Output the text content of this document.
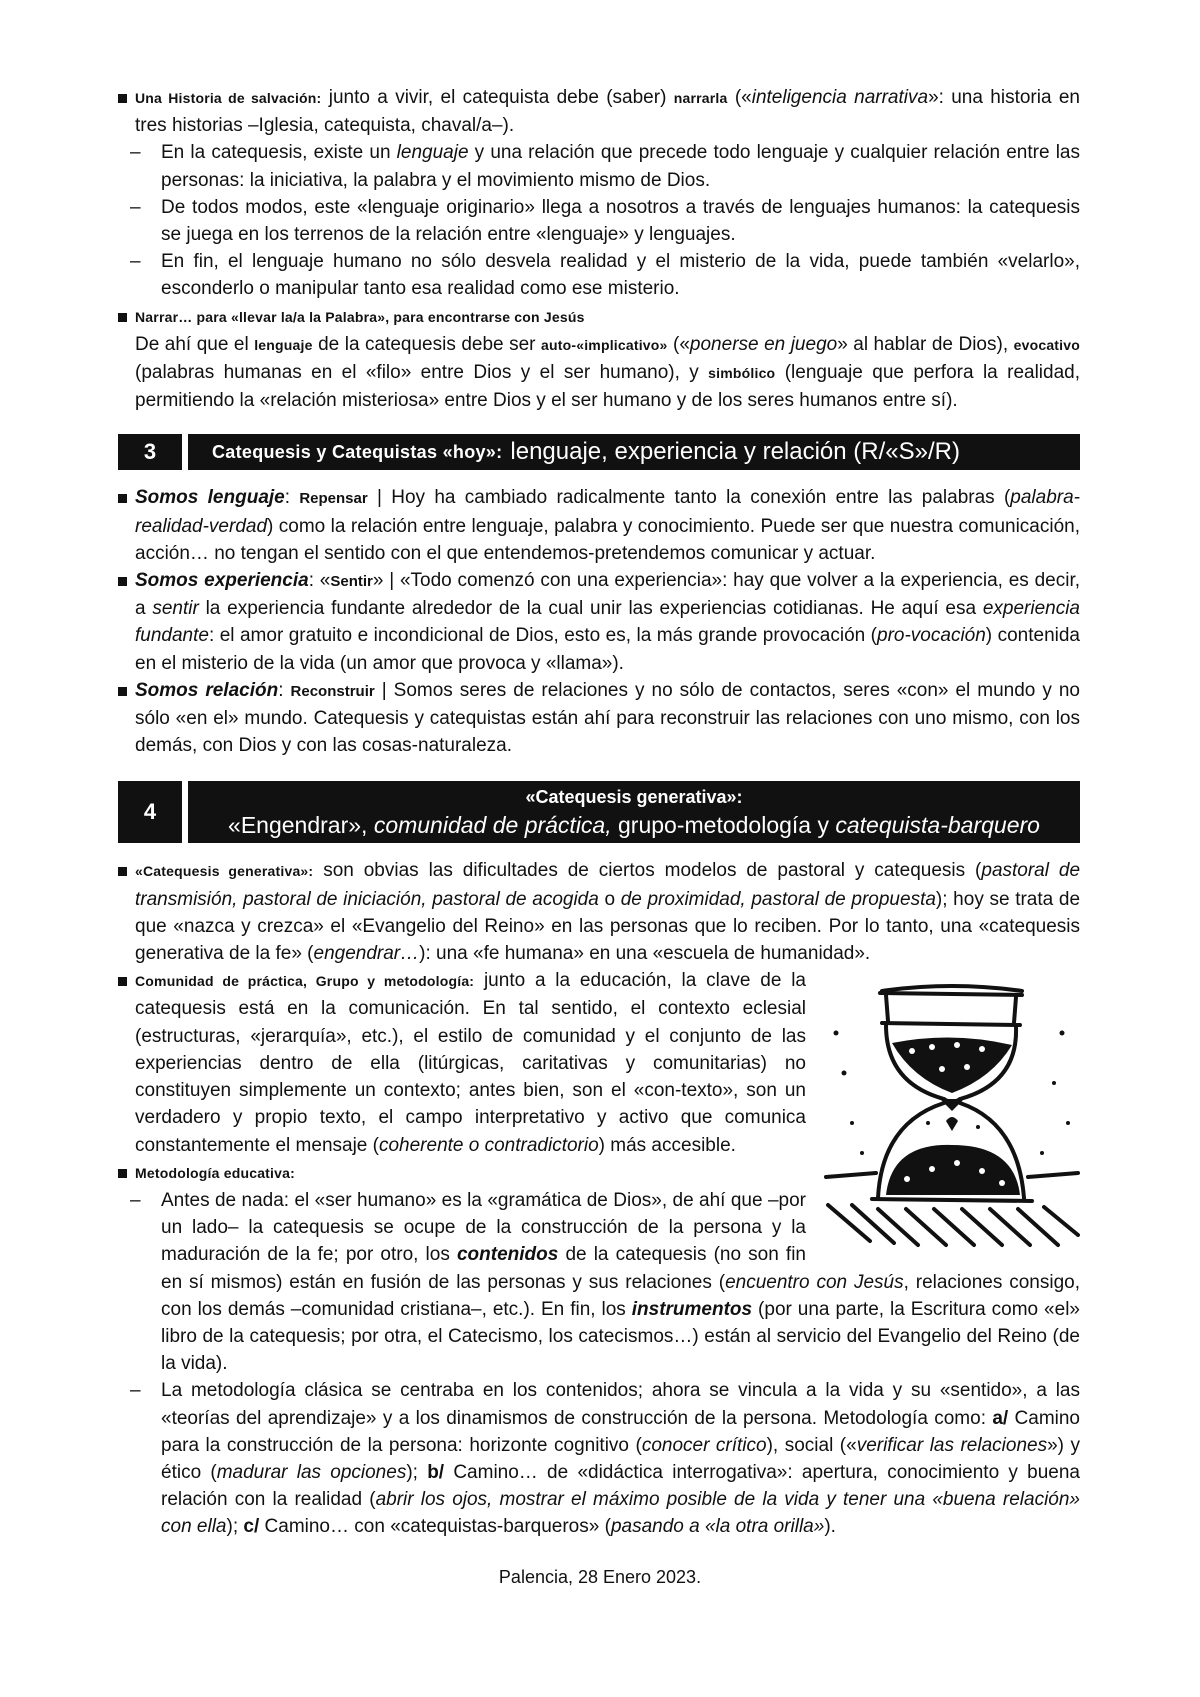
Una Historia de salvación: junto a vivir, el catequista debe (saber) narrarla («inteligencia narrativa»: una historia en tres historias –Iglesia, catequista, chaval/a–).
– En la catequesis, existe un lenguaje y una relación que precede todo lenguaje y cualquier relación entre las personas: la iniciativa, la palabra y el movimiento mismo de Dios.
– De todos modos, este «lenguaje originario» llega a nosotros a través de lenguajes humanos: la catequesis se juega en los terrenos de la relación entre «lenguaje» y lenguajes.
– En fin, el lenguaje humano no sólo desvela realidad y el misterio de la vida, puede también «velarlo», esconderlo o manipular tanto esa realidad como ese misterio.
Narrar… para «llevar la/a la Palabra», para encontrarse con Jesús

De ahí que el lenguaje de la catequesis debe ser auto-«implicativo» («ponerse en juego» al hablar de Dios), evocativo (palabras humanas en el «filo» entre Dios y el ser humano), y simbólico (lenguaje que perfora la realidad, permitiendo la «relación misteriosa» entre Dios y el ser humano y de los seres humanos entre sí).

3	Catequesis y Catequistas «hoy»: lenguaje, experiencia y relación (R/«S»/R)
Somos lenguaje: Repensar | Hoy ha cambiado radicalmente tanto la conexión entre las palabras (palabra-realidad-verdad) como la relación entre lenguaje, palabra y conocimiento. Puede ser que nuestra comunicación, acción… no tengan el sentido con el que entendemos-pretendemos comunicar y actuar.
Somos experiencia: «Sentir» | «Todo comenzó con una experiencia»: hay que volver a la experiencia, es decir, a sentir la experiencia fundante alrededor de la cual unir las experiencias cotidianas. He aquí esa experiencia fundante: el amor gratuito e incondicional de Dios, esto es, la más grande provocación (pro-vocación) contenida en el misterio de la vida (un amor que provoca y «llama»).
Somos relación: Reconstruir | Somos seres de relaciones y no sólo de contactos, seres «con» el mundo y no sólo «en el» mundo. Catequesis y catequistas están ahí para reconstruir las relaciones con uno mismo, con los demás, con Dios y con las cosas-naturaleza.
4
«Catequesis generativa»:
«Engendrar», comunidad de práctica, grupo-metodología y catequista-barquero
«Catequesis generativa»: son obvias las dificultades de ciertos modelos de pastoral y catequesis (pastoral de transmisión, pastoral de iniciación, pastoral de acogida o de proximidad, pastoral de propuesta); hoy se trata de que «nazca y crezca» el «Evangelio del Reino» en las personas que lo reciben. Por lo tanto, una «catequesis generativa de la fe» (engendrar…): una «fe humana» en una «escuela de humanidad».
Comunidad de práctica, Grupo y metodología: junto a la educación, la clave de la catequesis está en la comunicación. En tal sentido, el contexto eclesial (estructuras, «jerarquía», etc.), el estilo de comunidad y el conjunto de las experiencias dentro de ella (litúrgicas, caritativas y comunitarias) no constituyen simplemente un contexto; antes bien, son el «con-texto», son un verdadero y propio texto, el campo interpretativo y activo que comunica constantemente el mensaje (coherente o contradictorio) más accesible.
Metodología educativa:
– Antes de nada: el «ser humano» es la «gramática de Dios», de ahí que –por un lado– la catequesis se ocupe de la construcción de la persona y la maduración de la fe; por otro, los contenidos de la catequesis (no son fin en sí mismos) están en fusión de las personas y sus relaciones (encuentro con Jesús, relaciones consigo, con los demás –comunidad cristiana–, etc.). En fin, los instrumentos (por una parte, la Escritura como «el» libro de la catequesis; por otra, el Catecismo, los catecismos…) están al servicio del Evangelio del Reino (de la vida).
– La metodología clásica se centraba en los contenidos; ahora se vincula a la vida y su «sentido», a las «teorías del aprendizaje» y a los dinamismos de construcción de la persona. Metodología como: a/ Camino para la construcción de la persona: horizonte cognitivo (conocer crítico), social («verificar las relaciones») y ético (madurar las opciones); b/ Camino… de «didáctica interrogativa»: apertura, conocimiento y buena relación con la realidad (abrir los ojos, mostrar el máximo posible de la vida y tener una «buena relación» con ella); c/ Camino… con «catequistas-barqueros» (pasando a «la otra orilla»).
Palencia, 28 Enero 2023.
